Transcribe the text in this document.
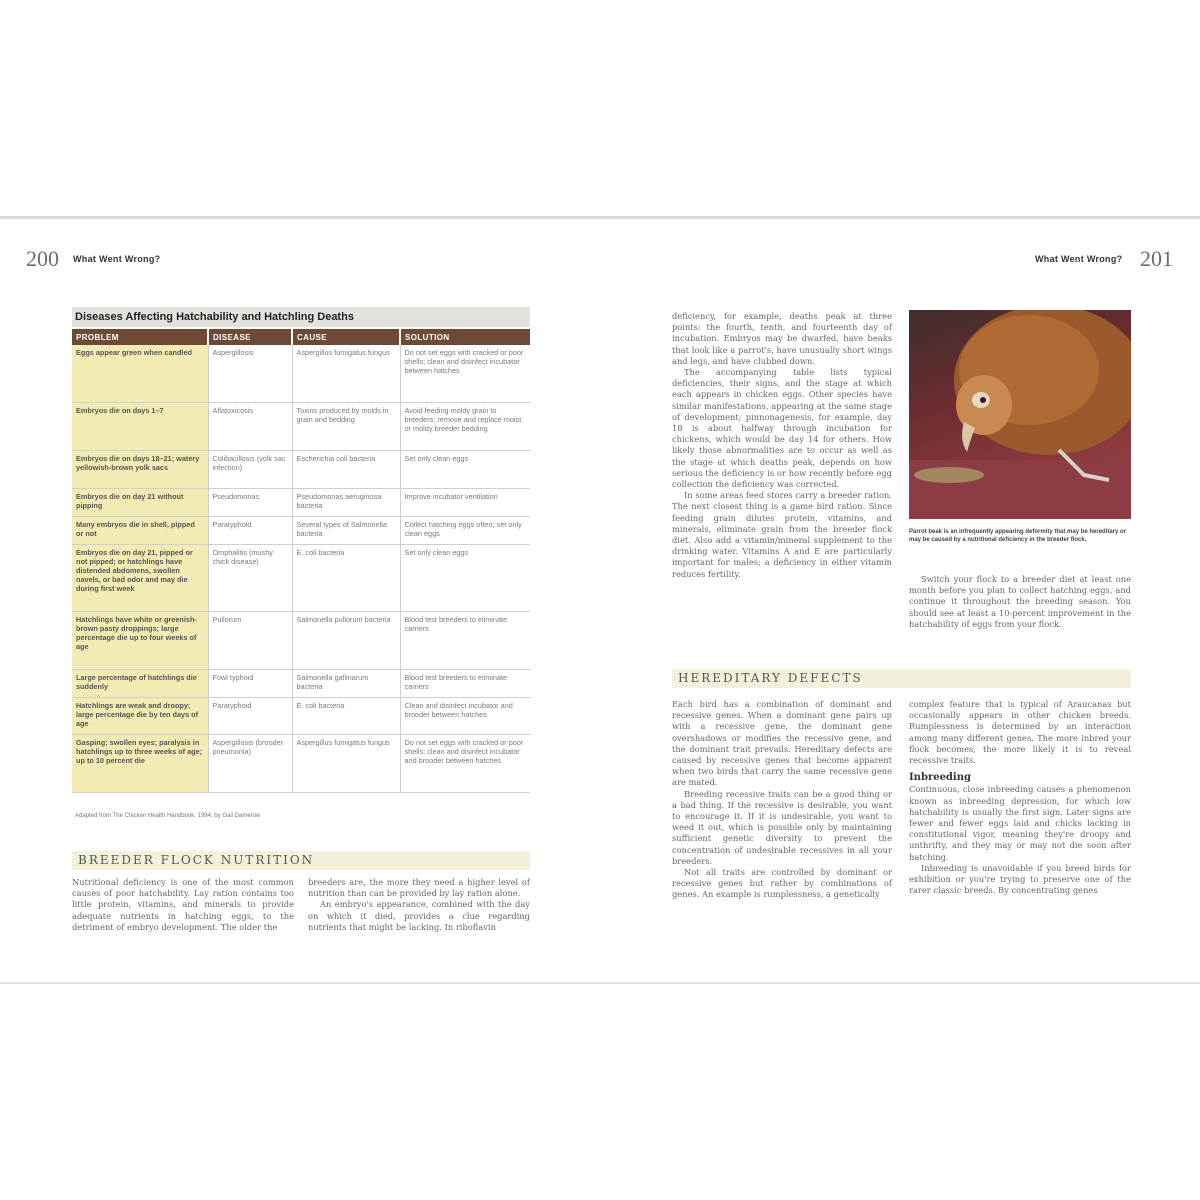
200 What Went Wrong?	What Went Wrong? 201
Diseases Affecting Hatchability and Hatchling Deaths
PROBLEM	DISEASE	CAUSE	SOLUTION
Eggs appear green when candled	Aspergillosis	Aspergillus fumigatus fungus	Do not set eggs with cracked or poor shells; clean and disinfect incubator between hatches
Embryos die on days 1–7	Aflatoxicosis	Toxins produced by molds in grain and bedding	Avoid feeding moldy grain to breeders; remove and replace moist or moldy breeder bedding
Embryos die on days 18–21; watery yellowish-brown yolk sacs	Colibacillosis (yolk sac infection)	Escherichia coli bacteria	Set only clean eggs
Embryos die on day 21 without pipping	Pseudomonas	Pseudomonas aeruginosa bacteria	Improve incubator ventilation
Many embryos die in shell, pipped or not	Paratyphoid	Several types of Salmonella bacteria	Collect hatching eggs often; set only clean eggs
Embryos die on day 21, pipped or not pipped; or hatchlings have distended abdomens, swollen navels, or bad odor and may die during first week	Omphalitis (mushy chick disease)	E. coli bacteria	Set only clean eggs
Hatchlings have white or greenish-brown pasty droppings; large percentage die up to four weeks of age	Pullorum	Salmonella pullorum bacteria	Blood test breeders to eliminate carriers
Large percentage of hatchlings die suddenly	Fowl typhoid	Salmonella gallinarum bacteria	Blood test breeders to eliminate carriers
Hatchlings are weak and droopy; large percentage die by ten days of age	Paratyphoid	E. coli bacteria	Clean and disinfect incubator and brooder between hatches
Gasping; swollen eyes; paralysis in hatchlings up to three weeks of age; up to 10 percent die	Aspergillosis (brooder pneumonia)	Aspergillus fumigatus fungus	Do not set eggs with cracked or poor shells; clean and disinfect incubator and brooder between hatches
Adapted from The Chicken Health Handbook, 1994, by Gail Damerow
BREEDER FLOCK NUTRITION

Nutritional deficiency is one of the most common causes of poor hatchability. Lay ration contains too little protein, vitamins, and minerals to provide adequate nutrients in hatching eggs, to the detriment of embryo development. The older the

breeders are, the more they need a higher level of nutrition than can be provided by lay ration alone.

An embryo's appearance, combined with the day on which it died, provides a clue regarding nutrients that might be lacking. In riboflavin

deficiency, for example, deaths peak at three points: the fourth, tenth, and fourteenth day of incubation. Embryos may be dwarfed, have beaks that look like a parrot's, have unusually short wings and legs, and have clubbed down.

The accompanying table lists typical deficiencies, their signs, and the stage at which each appears in chicken eggs. Other species have similar manifestations, appearing at the same stage of development; pinnonagenesis, for example, day 18 is about halfway through incubation for chickens, which would be day 14 for others. How likely those abnormalities are to occur as well as the stage at which deaths peak, depends on how serious the deficiency is or how recently before egg collection the deficiency was corrected.

In some areas feed stores carry a breeder ration. The next closest thing is a game bird ration. Since feeding grain dilutes protein, vitamins, and minerals, eliminate grain from the breeder flock diet. Also add a vitamin/mineral supplement to the drinking water. Vitamins A and E are particularly important for males; a deficiency in either vitamin reduces fertility.

Parrot beak is an infrequently appearing deformity that may be hereditary or may be caused by a nutritional deficiency in the breeder flock.

Switch your flock to a breeder diet at least one month before you plan to collect hatching eggs, and continue it throughout the breeding season. You should see at least a 10-percent improvement in the hatchability of eggs from your flock.

HEREDITARY DEFECTS

Each bird has a combination of dominant and recessive genes. When a dominant gene pairs up with a recessive gene, the dominant gene overshadows or modifies the recessive gene, and the dominant trait prevails. Hereditary defects are caused by recessive genes that become apparent when two birds that carry the same recessive gene are mated.

Breeding recessive traits can be a good thing or a bad thing. If the recessive is desirable, you want to encourage it. If it is undesirable, you want to weed it out, which is possible only by maintaining sufficient genetic diversity to prevent the concentration of undesirable recessives in all your breeders.

Not all traits are controlled by dominant or recessive genes but rather by combinations of genes. An example is rumplessness, a genetically

complex feature that is typical of Araucanas but occasionally appears in other chicken breeds. Rumplessness is determined by an interaction among many different genes. The more inbred your flock becomes, the more likely it is to reveal recessive traits.

Inbreeding

Continuous, close inbreeding causes a phenomenon known as inbreeding depression, for which low hatchability is usually the first sign. Later signs are fewer and fewer eggs laid and chicks lacking in constitutional vigor, meaning they're droopy and unthrifty, and they may or may not die soon after hatching.

Inbreeding is unavoidable if you breed birds for exhibition or you're trying to preserve one of the rarer classic breeds. By concentrating genes
